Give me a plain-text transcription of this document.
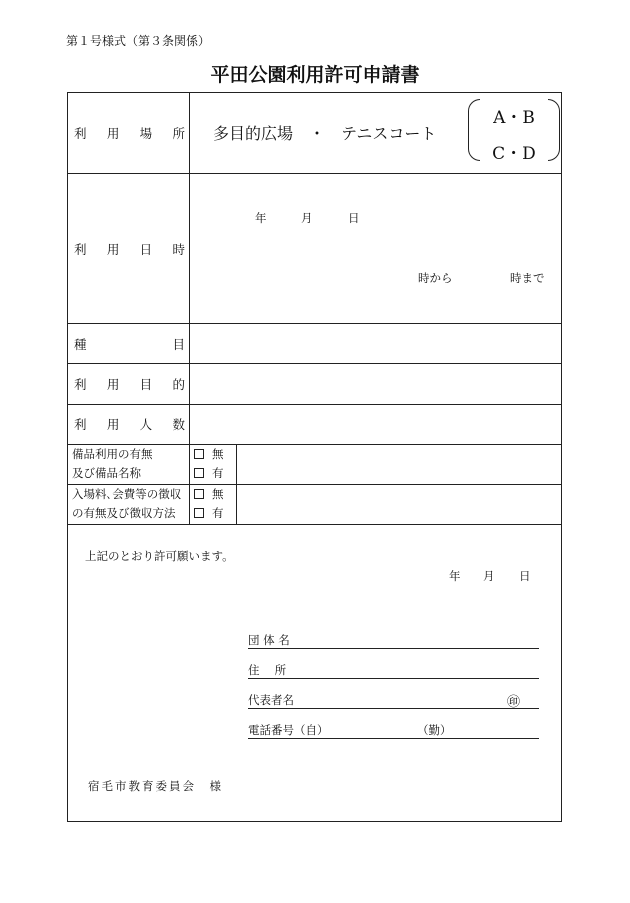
第１号様式（第３条関係）
平田公園利用許可申請書
利 用 場 所 多目的広場　・　テニスコート
A・B
C・D
利 用 日 時
年	月	日
時から	時まで
種	目
利 用 目 的
利 用 人 数
備品利用の有無
及び備品名称
無
有
入場料､会費等の徴収
の有無及び徴収方法
無
有
上記のとおり許可願います。
年 月 日
団 体 名
住　 所
代表者名	㊞
電話番号（自）	（勤）
宿毛市教育委員会　様
